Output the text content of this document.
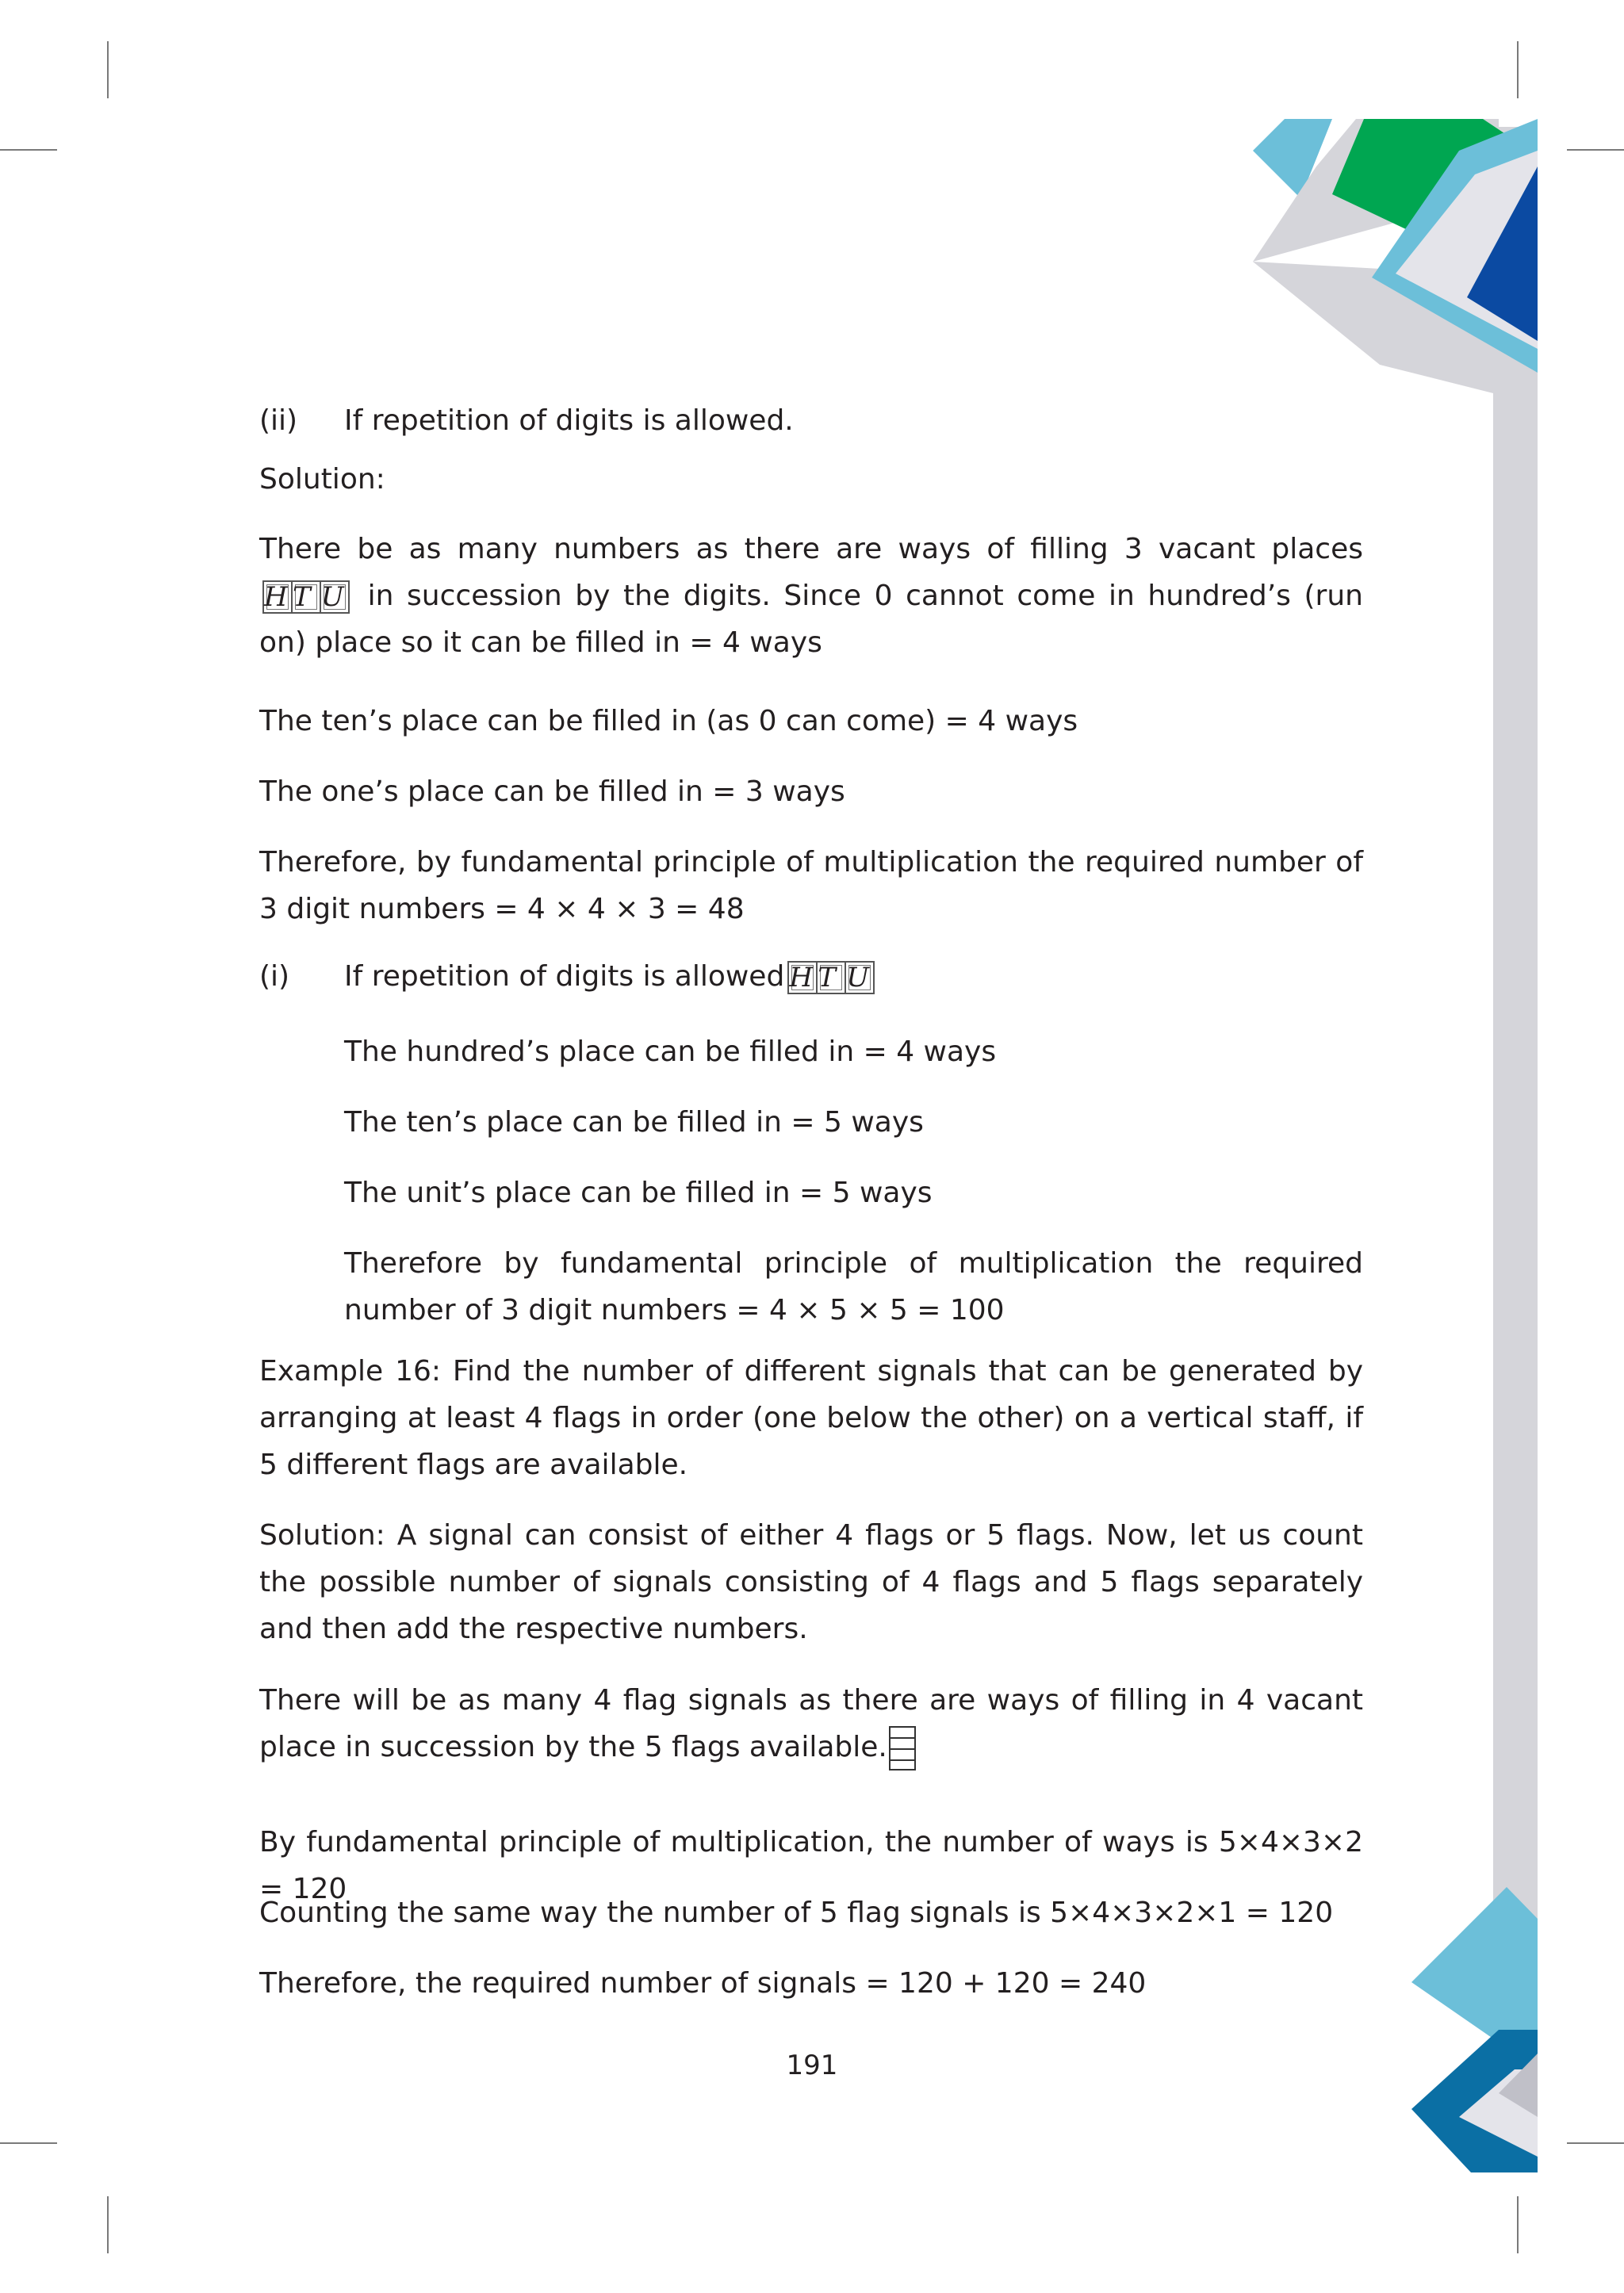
(ii) If repetition of digits is allowed.

Solution:

There be as many numbers as there are ways of filling 3 vacant placesH T U in succession by the digits. Since 0 cannot come in hundred’s (run on) place so it can be filled in = 4 ways

The ten’s place can be filled in (as 0 can come) = 4 ways

The one’s place can be filled in = 3 ways

Therefore, by fundamental principle of multiplication the required number of 3 digit numbers = 4 × 4 × 3 = 48

(i) If repetition of digits is allowed H T U

The hundred’s place can be filled in = 4 ways

The ten’s place can be filled in = 5 ways

The unit’s place can be filled in = 5 ways

Therefore by fundamental principle of multiplication the required number of 3 digit numbers = 4 × 5 × 5 = 100

Example 16: Find the number of different signals that can be generated by arranging at least 4 flags in order (one below the other) on a vertical staff, if 5 different flags are available.

Solution: A signal can consist of either 4 flags or 5 flags. Now, let us count the possible number of signals consisting of 4 flags and 5 flags separately and then add the respective numbers.

There will be as many 4 flag signals as there are ways of filling in 4 vacant place in succession by the 5 flags available.

By fundamental principle of multiplication, the number of ways is 5×4×3×2 = 120

Counting the same way the number of 5 flag signals is 5×4×3×2×1 = 120

Therefore, the required number of signals = 120 + 120 = 240

191
